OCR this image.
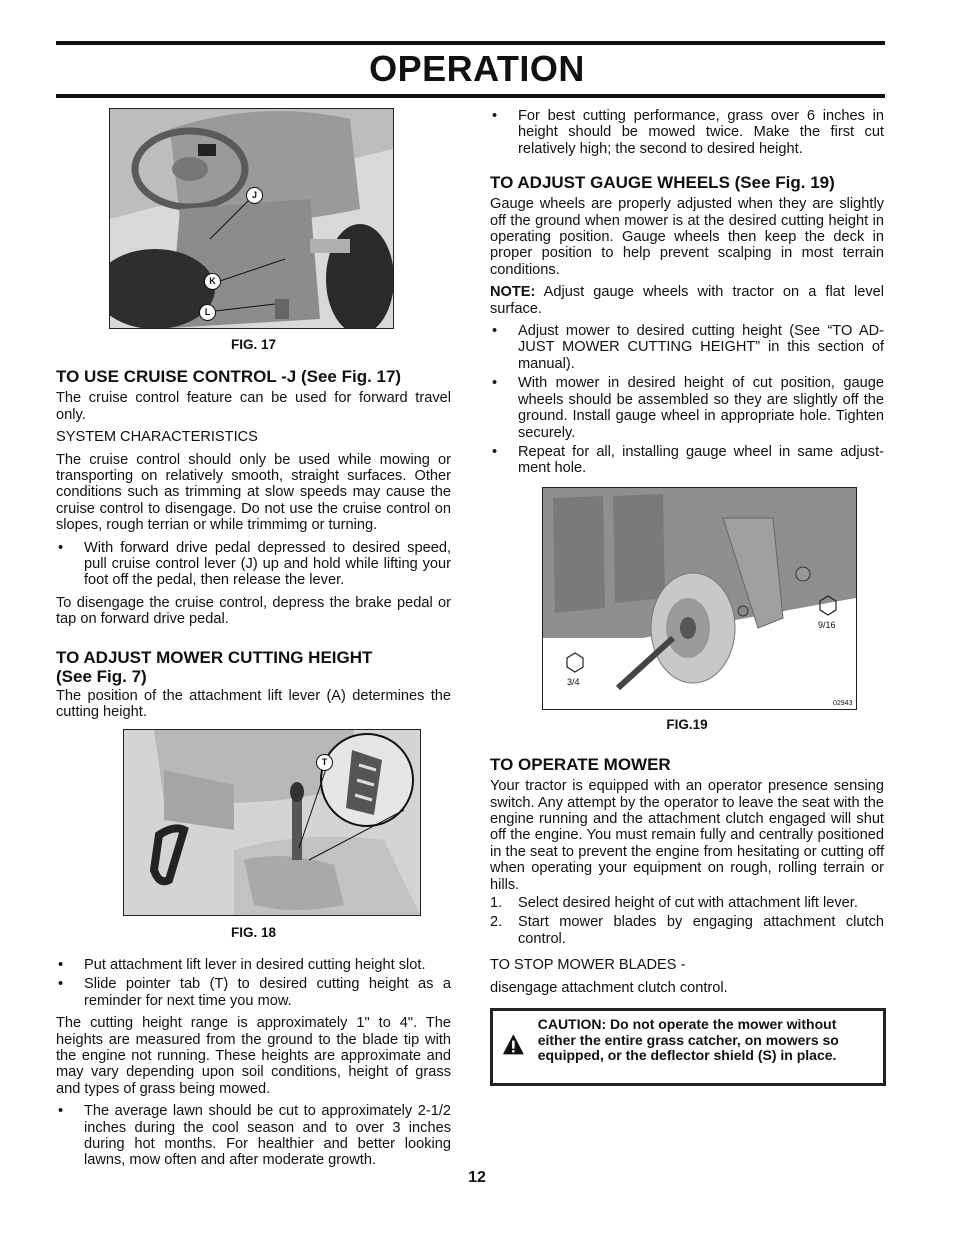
OPERATION
J
K
L
FIG. 17
TO USE CRUISE CONTROL -J (See Fig. 17)

The cruise control feature can be used for forward travel only.

SYSTEM CHARACTERISTICS

The cruise control should only be used while mowing or transporting on relatively smooth, straight surfaces. Other conditions such as trimming at slow speeds may cause the cruise control to disengage. Do not use the cruise control on slopes, rough terrian or while trimmimg or turning.

• With forward drive pedal depressed to desired speed, pull cruise control lever (J) up and hold while lifting your foot off the pedal, then release the lever.

To disengage the cruise control, depress the brake pedal or tap on forward drive pedal.

TO ADJUST MOWER CUTTING HEIGHT
(See Fig. 7)

The position of the attachment lift lever (A) determines the cutting height.

T
FIG. 18
• Put attachment lift lever in desired cutting height slot.
• Slide pointer tab (T) to desired cutting height as a reminder for next time you mow.

The cutting height range is approximately 1" to 4". The heights are measured from the ground to the blade tip with the engine not running. These heights are approximate and may vary depending upon soil conditions, height of grass and types of grass being mowed.

• The average lawn should be cut to approximately 2-1/2 inches during the cool season and to over 3 inches during hot months. For healthier and better looking lawns, mow often and after moderate growth.
• For best cutting performance, grass over 6 inches in height should be mowed twice. Make the first cut relatively high; the second to desired height.
TO ADJUST GAUGE WHEELS (See Fig. 19)

Gauge wheels are properly adjusted when they are slightly off the ground when mower is at the desired cutting height in operating position. Gauge wheels then keep the deck in proper position to help prevent scalping in most terrain conditions.

NOTE: Adjust gauge wheels with tractor on a flat level surface.

• Adjust mower to desired cutting height (See “TO AD-JUST MOWER CUTTING HEIGHT” in this section of manual).
• With mower in desired height of cut position, gauge wheels should be assembled so they are slightly off the ground. Install gauge wheel in appropriate hole. Tighten securely.
• Repeat for all, installing gauge wheel in same adjust-ment hole.
9/16
3/4
02943
FIG.19
TO OPERATE MOWER

Your tractor is equipped with an operator presence sensing switch. Any attempt by the operator to leave the seat with the engine running and the attachment clutch engaged will shut off the engine. You must remain fully and centrally positioned in the seat to prevent the engine from hesitating or cutting off when operating your equipment on rough, rolling terrain or hills.

1. Select desired height of cut with attachment lift lever.
2. Start mower blades by engaging attachment clutch control.

TO STOP MOWER BLADES -

disengage attachment clutch control.

CAUTION: Do not operate the mower without either the entire grass catcher, on mowers so equipped, or the deflector shield (S) in place.
12
